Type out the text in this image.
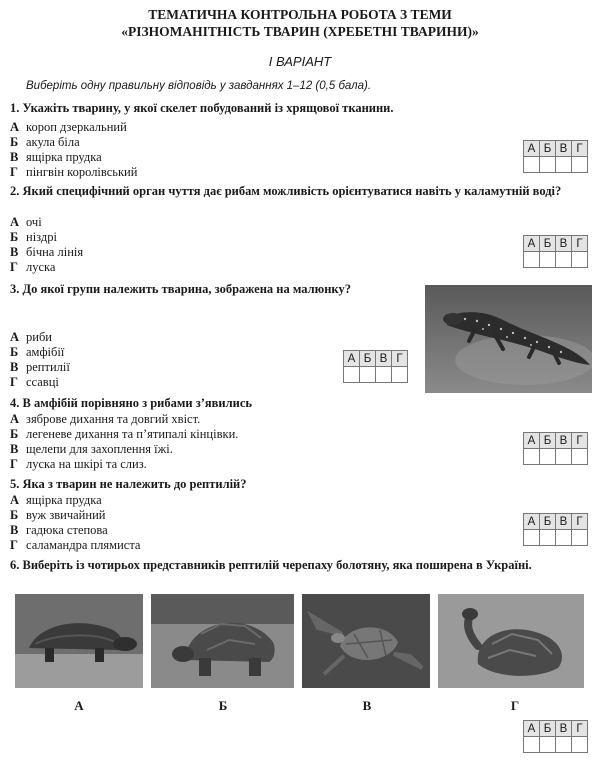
ТЕМАТИЧНА КОНТРОЛЬНА РОБОТА З ТЕМИ
«РІЗНОМАНІТНІСТЬ ТВАРИН (ХРЕБЕТНІ ТВАРИНИ)»
I ВАРІАНТ
Виберіть одну правильну відповідь у завданнях 1–12 (0,5 бала).
1. Укажіть тварину, у якої скелет побудований із хрящової тканини.
А короп дзеркальний
Б акула біла
В ящірка прудка
Г пінгвін королівський
А	Б	В	Г

2. Який специфічний орган чуття дає рибам можливість орієнтуватися навіть у каламутній воді?
А очі
Б ніздрі
В бічна лінія
Г луска
А	Б	В	Г

3. До якої групи належить тварина, зображена на малюнку?
А риби
Б амфібії
В рептилії
Г ссавці
А	Б	В	Г

4. В амфібій порівняно з рибами з’явились
А зяброве дихання та довгий хвіст.
Б легеневе дихання та п’ятипалі кінцівки.
В щелепи для захоплення їжі.
Г луска на шкірі та слиз.
А	Б	В	Г

5. Яка з тварин не належить до рептилій?
А ящірка прудка
Б вуж звичайний
В гадюка степова
Г саламандра плямиста
А	Б	В	Г

6. Виберіть із чотирьох представників рептилій черепаху болотяну, яка поширена в Україні.
А	Б	В	Г
А	Б	В	Г
